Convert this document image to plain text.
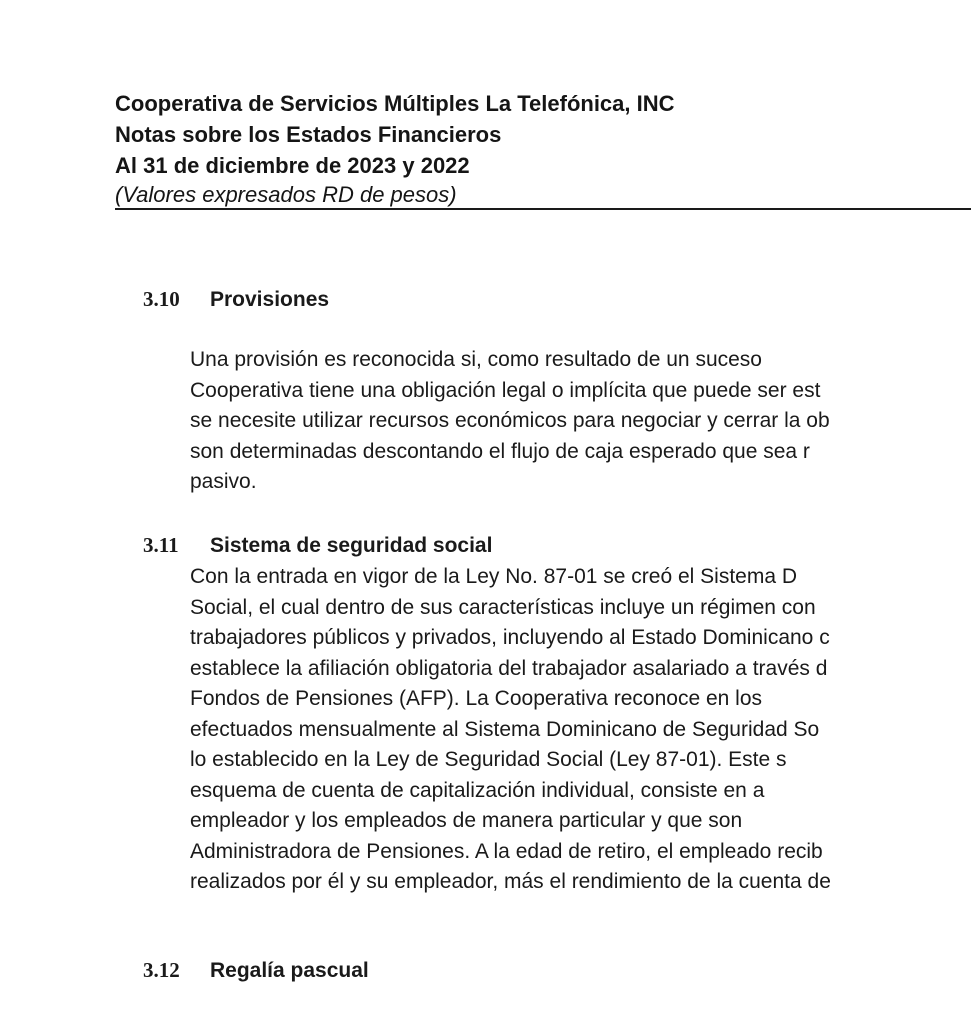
Cooperativa de Servicios Múltiples La Telefónica, INC
Notas sobre los Estados Financieros
Al 31 de diciembre de 2023 y 2022
(Valores expresados RD de pesos)
3.10 Provisiones
Una provisión es reconocida si, como resultado de un suceso
Cooperativa tiene una obligación legal o implícita que puede ser est
se necesite utilizar recursos económicos para negociar y cerrar la ob
son determinadas descontando el flujo de caja esperado que sea r
pasivo.
3.11 Sistema de seguridad social
Con la entrada en vigor de la Ley No. 87-01 se creó el Sistema D
Social, el cual dentro de sus características incluye un régimen con
trabajadores públicos y privados, incluyendo al Estado Dominicano c
establece la afiliación obligatoria del trabajador asalariado a través d
Fondos de Pensiones (AFP). La Cooperativa reconoce en los
efectuados mensualmente al Sistema Dominicano de Seguridad So
lo establecido en la Ley de Seguridad Social (Ley 87-01). Este s
esquema de cuenta de capitalización individual, consiste en a
empleador y los empleados de manera particular y que son
Administradora de Pensiones. A la edad de retiro, el empleado recib
realizados por él y su empleador, más el rendimiento de la cuenta de
3.12 Regalía pascual
